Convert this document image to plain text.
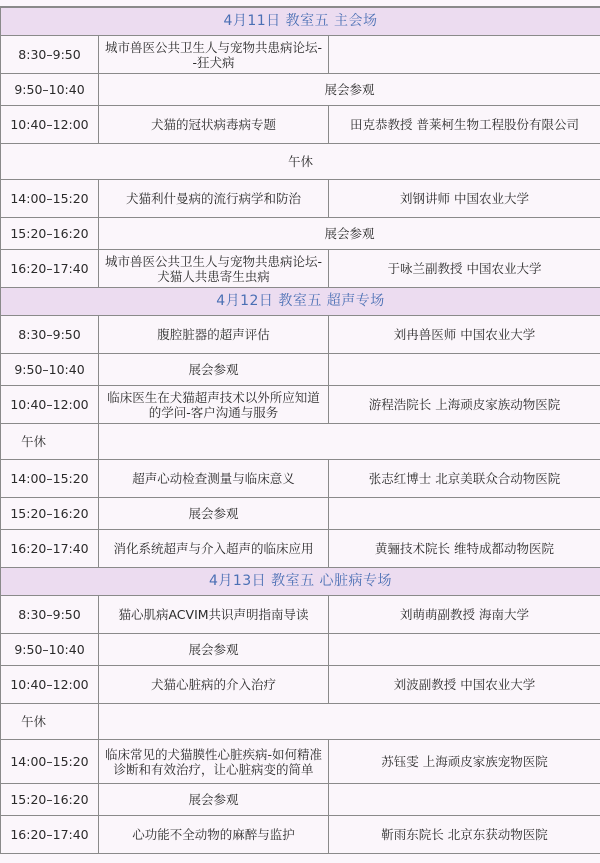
4月11日 教室五 主会场		
8:30–9:50	城市兽医公共卫生人与宠物共患病论坛--狂犬病	
9:50–10:40	展会参观	
10:40–12:00	犬猫的冠状病毒病专题	田克恭教授 普莱柯生物工程股份有限公司
午休		
14:00–15:20	犬猫利什曼病的流行病学和防治	刘钢讲师 中国农业大学
15:20–16:20	展会参观	
16:20–17:40	城市兽医公共卫生人与宠物共患病论坛-犬猫人共患寄生虫病	于咏兰副教授 中国农业大学
4月12日 教室五 超声专场		
8:30–9:50	腹腔脏器的超声评估	刘冉兽医师 中国农业大学
9:50–10:40	展会参观	
10:40–12:00	临床医生在犬猫超声技术以外所应知道的学问-客户沟通与服务	游程浩院长 上海顽皮家族动物医院
午休		
14:00–15:20	超声心动检查测量与临床意义	张志红博士 北京美联众合动物医院
15:20–16:20	展会参观	
16:20–17:40	消化系统超声与介入超声的临床应用	黄骊技术院长 维特成都动物医院
4月13日 教室五 心脏病专场		
8:30–9:50	猫心肌病ACVIM共识声明指南导读	刘萌萌副教授 海南大学
9:50–10:40	展会参观	
10:40–12:00	犬猫心脏病的介入治疗	刘波副教授 中国农业大学
午休		
14:00–15:20	临床常见的犬猫膜性心脏疾病-如何精准诊断和有效治疗，让心脏病变的简单	苏钰雯 上海顽皮家族宠物医院
15:20–16:20	展会参观	
16:20–17:40	心功能不全动物的麻醉与监护	靳雨东院长 北京东获动物医院
